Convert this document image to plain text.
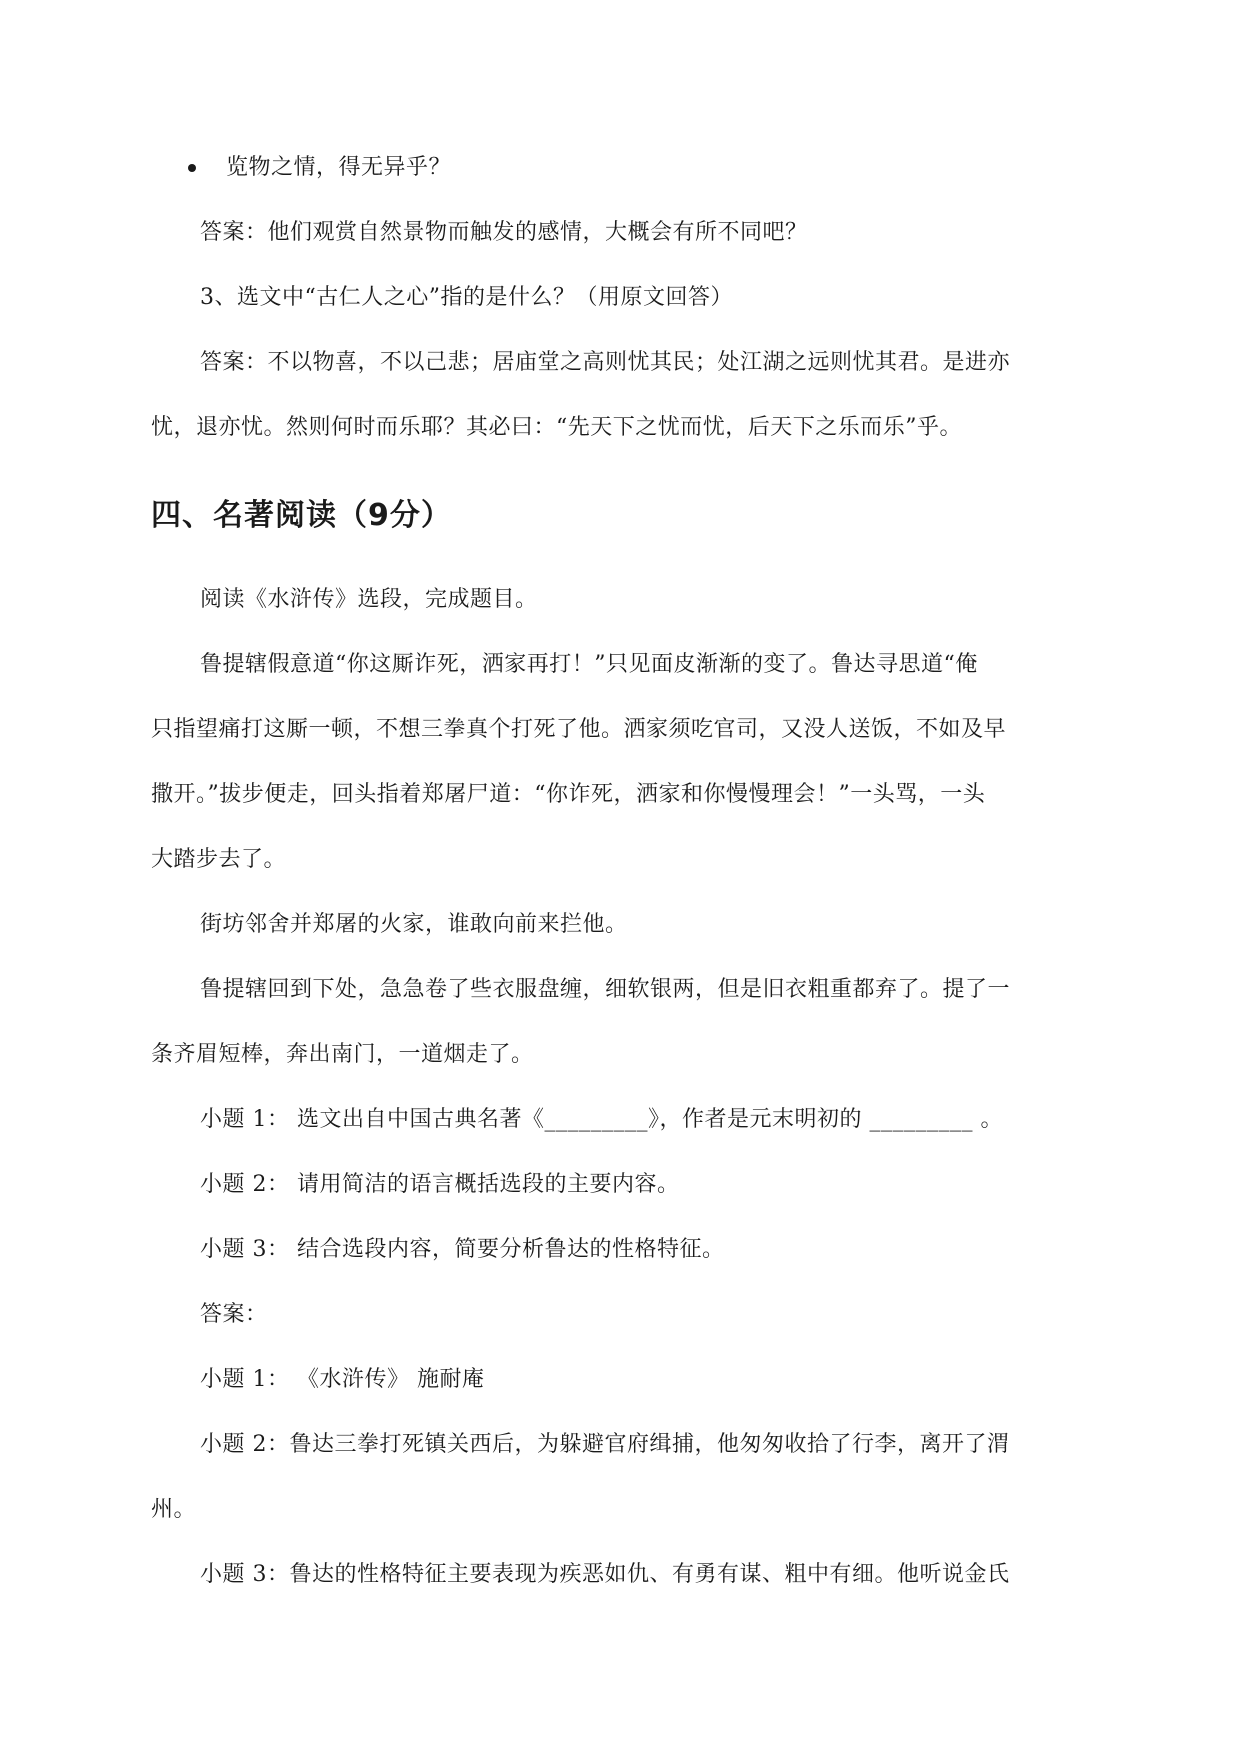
览物之情，得无异乎？
答案：他们观赏自然景物而触发的感情，大概会有所不同吧？
3、选文中“古仁人之心”指的是什么？（用原文回答）
答案：不以物喜，不以己悲；居庙堂之高则忧其民；处江湖之远则忧其君。是进亦
忧，退亦忧。然则何时而乐耶？其必曰：“先天下之忧而忧，后天下之乐而乐”乎。
四、名著阅读（9分）
阅读《水浒传》选段，完成题目。
鲁提辖假意道“你这厮诈死，洒家再打！”只见面皮渐渐的变了。鲁达寻思道“俺
只指望痛打这厮一顿，不想三拳真个打死了他。洒家须吃官司，又没人送饭，不如及早
撒开。”拔步便走，回头指着郑屠尸道：“你诈死，洒家和你慢慢理会！”一头骂，一头
大踏步去了。
街坊邻舍并郑屠的火家，谁敢向前来拦他。
鲁提辖回到下处，急急卷了些衣服盘缠，细软银两，但是旧衣粗重都弃了。提了一
条齐眉短棒，奔出南门，一道烟走了。
小题 1： 选文出自中国古典名著《_________》，作者是元末明初的 _________ 。
小题 2： 请用简洁的语言概括选段的主要内容。
小题 3： 结合选段内容，简要分析鲁达的性格特征。
答案：
小题 1： 《水浒传》 施耐庵
小题 2：鲁达三拳打死镇关西后，为躲避官府缉捕，他匆匆收拾了行李，离开了渭
州。
小题 3：鲁达的性格特征主要表现为疾恶如仇、有勇有谋、粗中有细。他听说金氏
